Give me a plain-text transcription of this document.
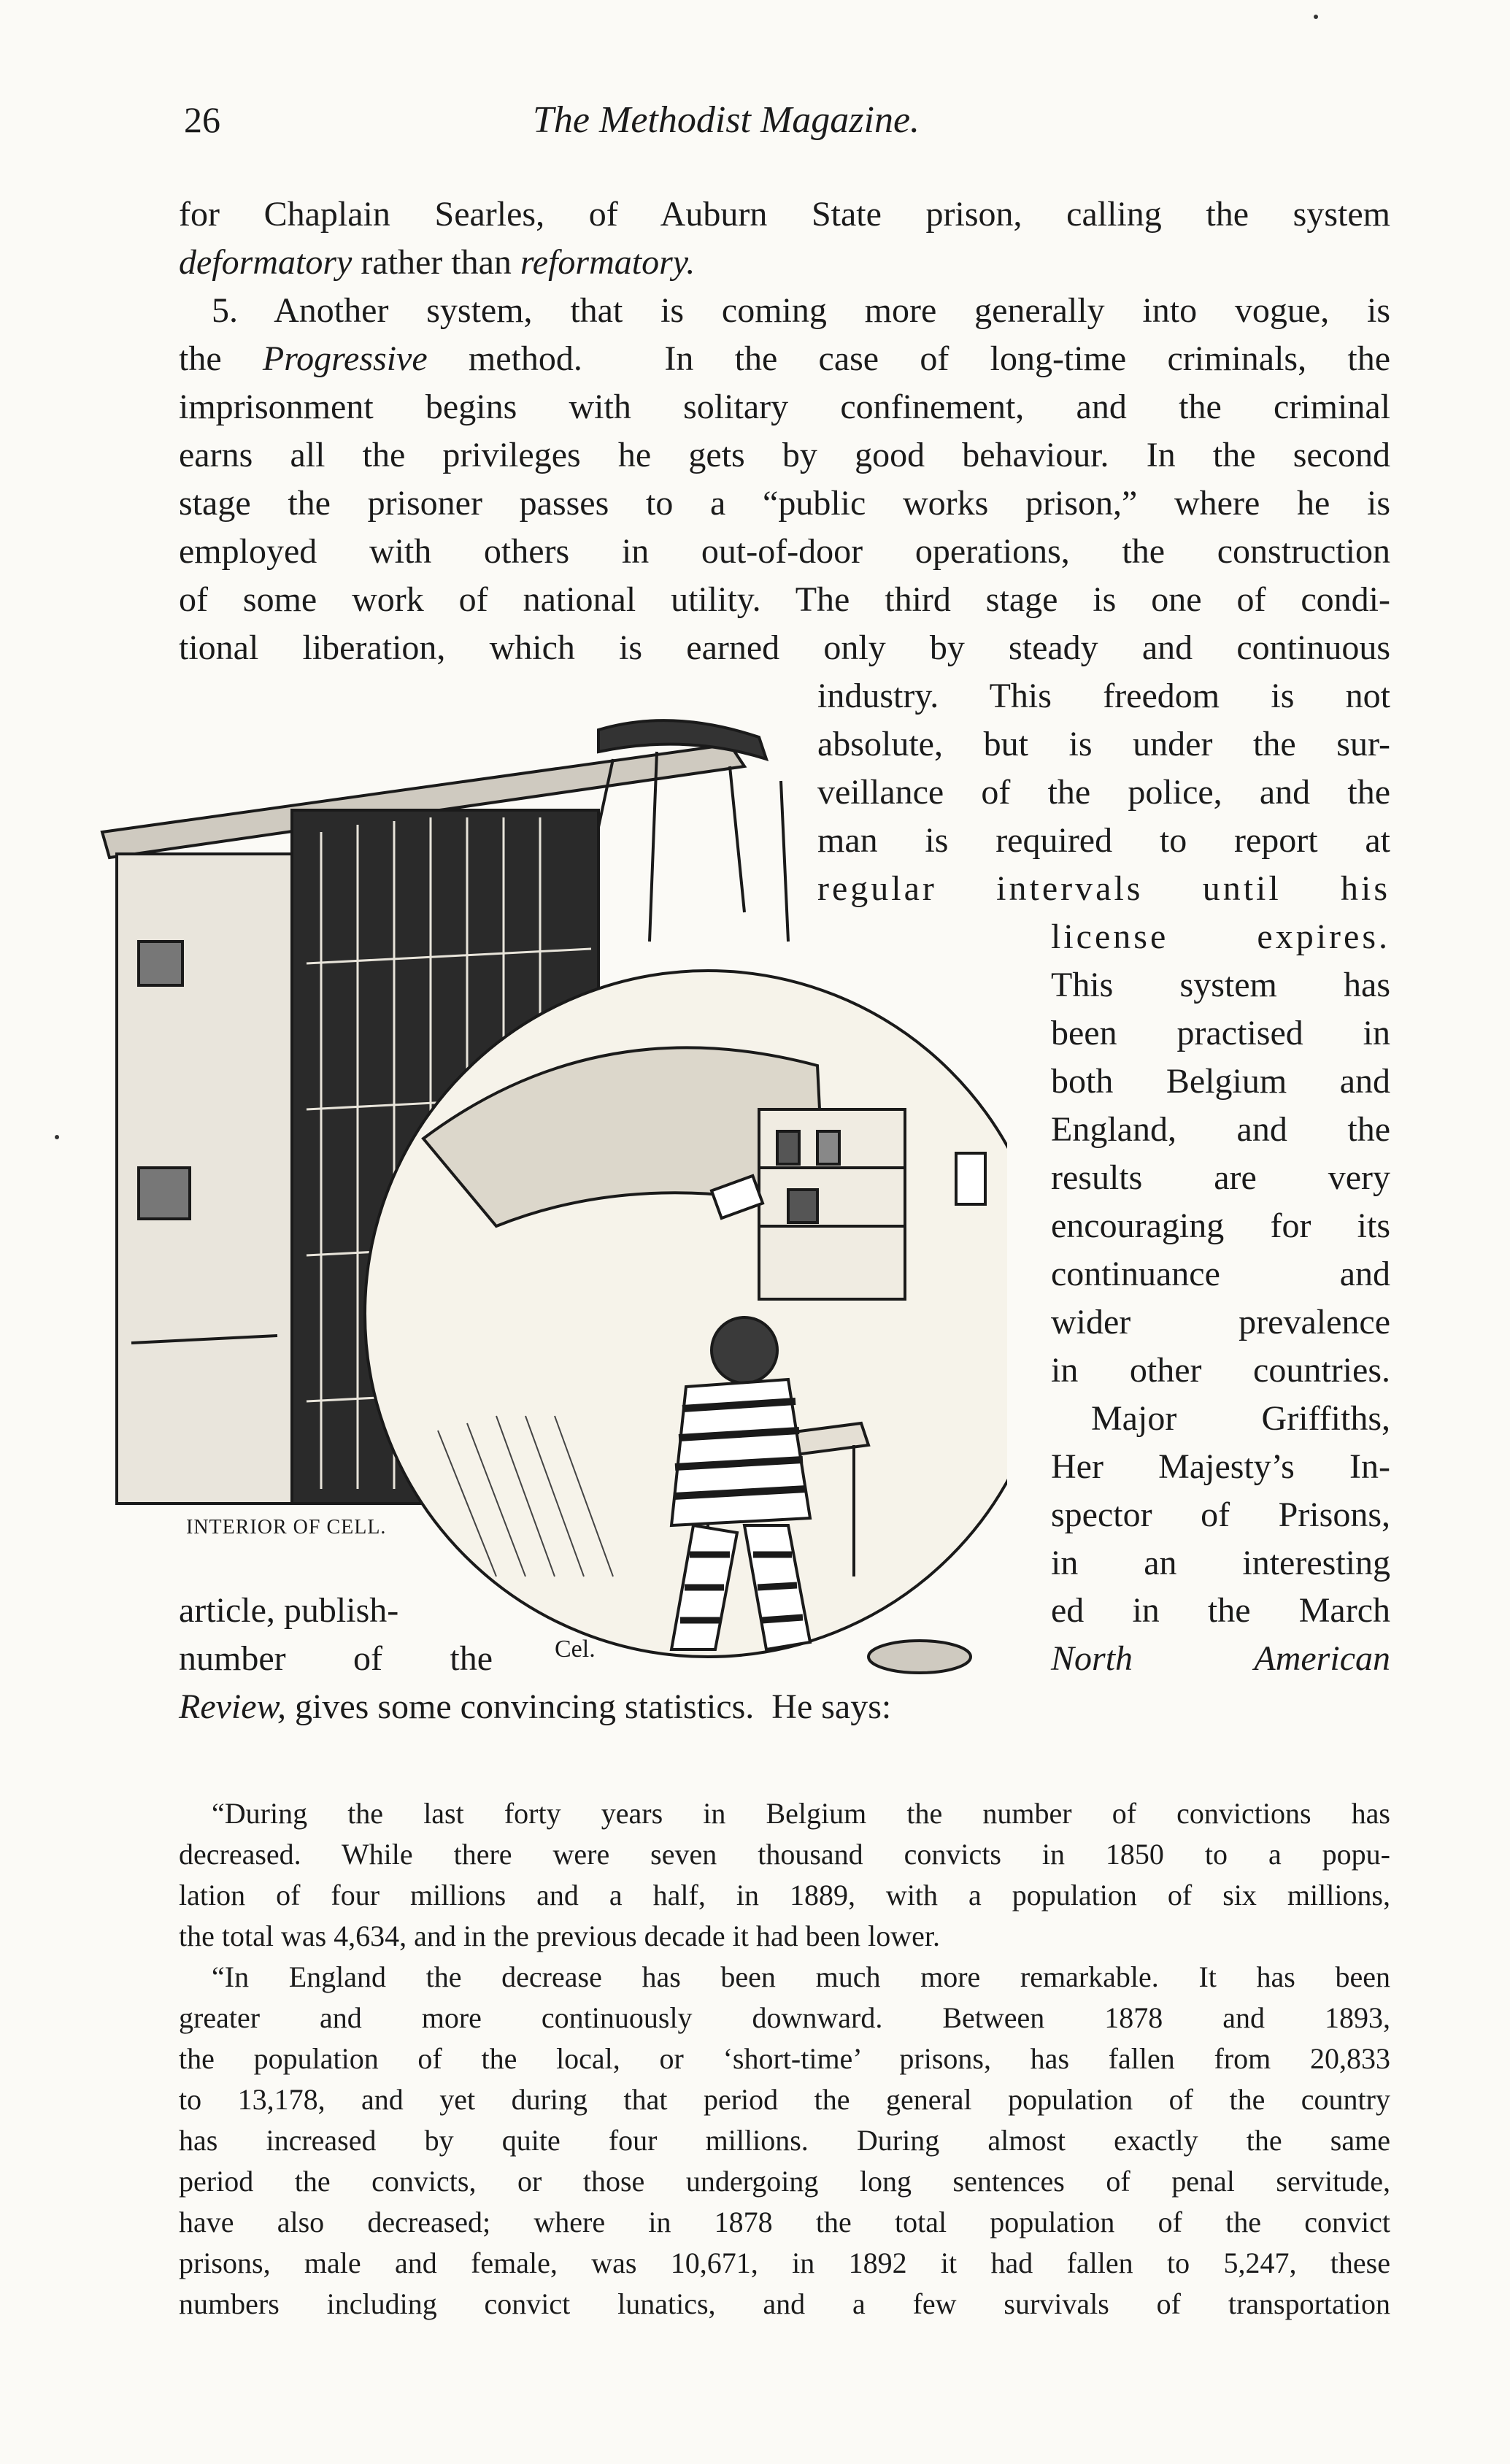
26	The Methodist Magazine.
for Chaplain Searles, of Auburn State prison, calling the system
deformatory rather than reformatory.
5. Another system, that is coming more generally into vogue, is
the Progressive method.  In the case of long-time criminals, the
imprisonment begins with solitary confinement, and the criminal
earns all the privileges he gets by good behaviour. In the second
stage the prisoner passes to a “public works prison,” where he is
employed with others in out-of-door operations, the construction
of some work of national utility. The third stage is one of condi-
tional liberation, which is earned only by steady and continuous
industry. This freedom is not
absolute, but is under the sur-
veillance of the police, and the
man is required to report at
regular intervals until his
license expires.
This system has
been practised in
both Belgium and
England, and the
results are very
encouraging for its
continuance and
wider prevalence
in other countries.
Major Griffiths,
Her Majesty’s In-
spector of Prisons,
in an interesting
article, publish-	ed in the March
number of the	North American
Review, gives some convincing statistics.  He says:
INTERIOR OF CELL.
Cel.
“During the last forty years in Belgium the number of convictions has
decreased. While there were seven thousand convicts in 1850 to a popu-
lation of four millions and a half, in 1889, with a population of six millions,
the total was 4,634, and in the previous decade it had been lower.
“In England the decrease has been much more remarkable. It has been
greater and more continuously downward. Between 1878 and 1893,
the population of the local, or ‘short-time’ prisons, has fallen from 20,833
to 13,178, and yet during that period the general population of the country
has increased by quite four millions. During almost exactly the same
period the convicts, or those undergoing long sentences of penal servitude,
have also decreased; where in 1878 the total population of the convict
prisons, male and female, was 10,671, in 1892 it had fallen to 5,247, these
numbers including convict lunatics, and a few survivals of transportation
